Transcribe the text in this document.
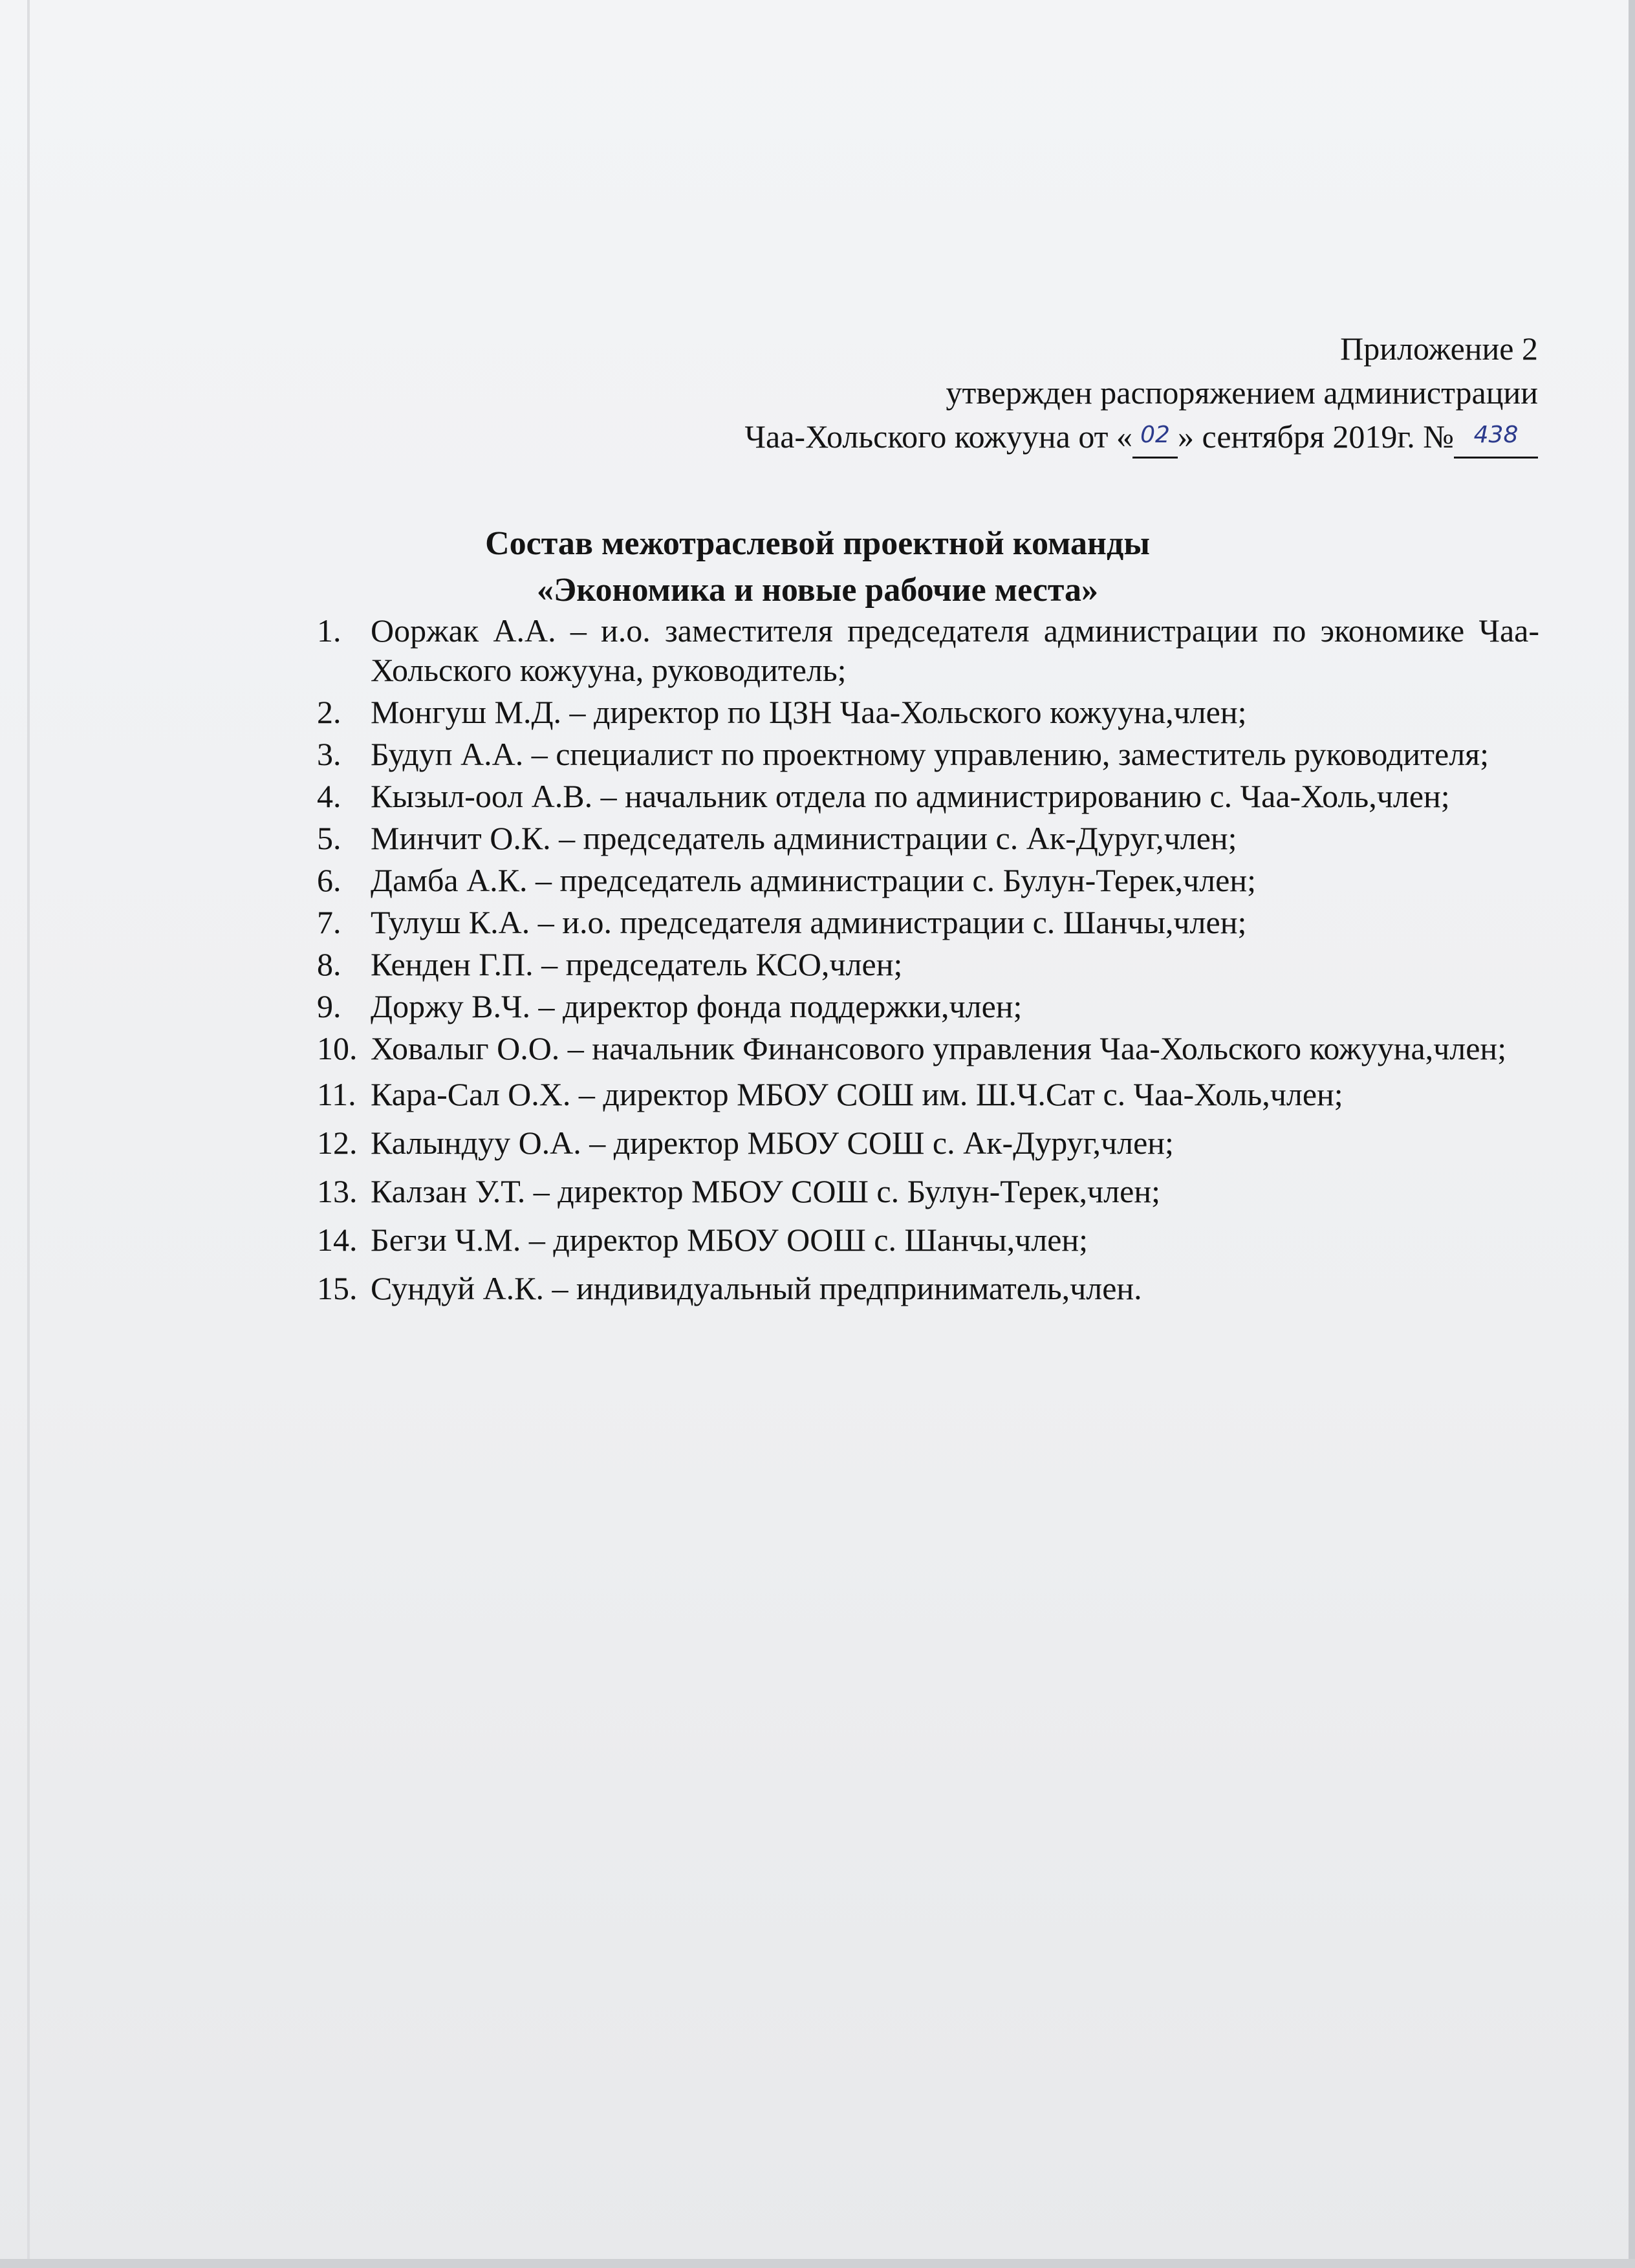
Приложение 2
утвержден распоряжением администрации
Чаа-Хольского кожууна от « 02 » сентября 2019г. № 438
Состав межотраслевой проектной команды
«Экономика и новые рабочие места»
1. Ооржак А.А. – и.о. заместителя председателя администрации по экономике Чаа-Хольского кожууна, руководитель;
2. Монгуш М.Д. – директор по ЦЗН Чаа-Хольского кожууна,член;
3. Будуп А.А. – специалист по проектному управлению, заместитель руководителя;
4. Кызыл-оол А.В. – начальник отдела по администрированию с. Чаа-Холь,член;
5. Минчит О.К. – председатель администрации с. Ак-Дуруг,член;
6. Дамба А.К. – председатель администрации с. Булун-Терек,член;
7. Тулуш К.А. – и.о. председателя администрации с. Шанчы,член;
8. Кенден Г.П. – председатель КСО,член;
9. Доржу В.Ч. – директор фонда поддержки,член;
10. Ховалыг О.О. – начальник Финансового управления Чаа-Хольского кожууна,член;
11. Кара-Сал О.Х. – директор МБОУ СОШ им. Ш.Ч.Сат с. Чаа-Холь,член;
12. Калындуу О.А. – директор МБОУ СОШ с. Ак-Дуруг,член;
13. Калзан У.Т. – директор МБОУ СОШ с. Булун-Терек,член;
14. Бегзи Ч.М. – директор МБОУ ООШ с. Шанчы,член;
15. Сундуй А.К. – индивидуальный предприниматель,член.
